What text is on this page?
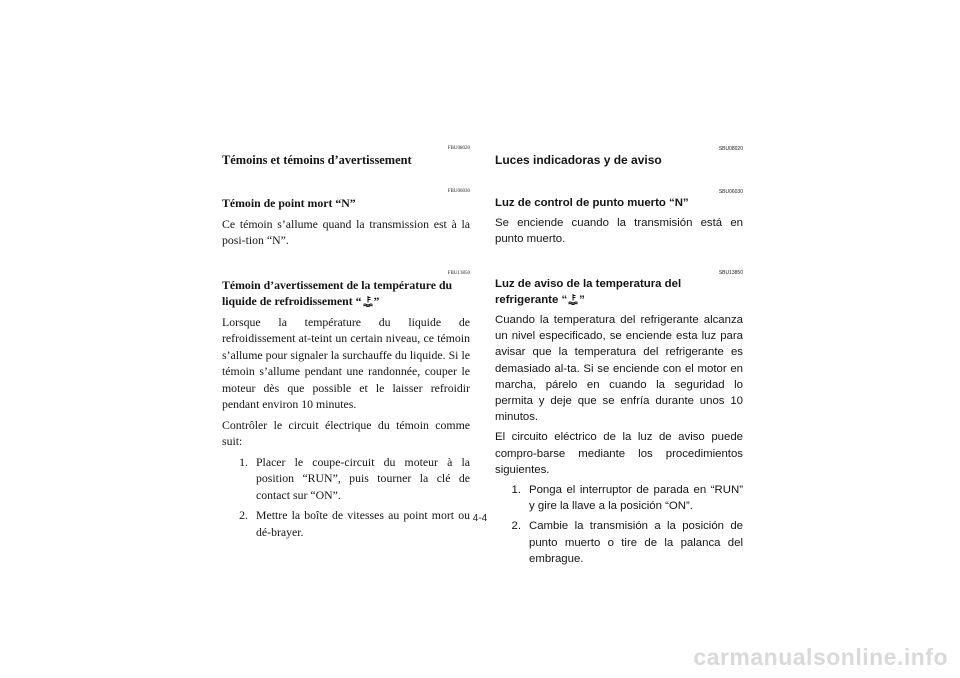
FBU08020
Témoins et témoins d’avertissement
FBU06030
Témoin de point mort “N”

Ce témoin s’allume quand la transmission est à la posi-tion “N”.

FBU13850
Témoin d’avertissement de la température du liquide de refroidissement “ ”

Lorsque la température du liquide de refroidissement at-teint un certain niveau, ce témoin s’allume pour signaler la surchauffe du liquide. Si le témoin s’allume pendant une randonnée, couper le moteur dès que possible et le laisser refroidir pendant environ 10 minutes.

Contrôler le circuit électrique du témoin comme suit:

1. Placer le coupe-circuit du moteur à la position “RUN”, puis tourner la clé de contact sur “ON”.
2. Mettre la boîte de vitesses au point mort ou dé-brayer.
SBU08020
Luces indicadoras y de aviso
SBU06030
Luz de control de punto muerto “N”

Se enciende cuando la transmisión está en punto muerto.

SBU13850
Luz de aviso de la temperatura del refrigerante “ ”

Cuando la temperatura del refrigerante alcanza un nivel especificado, se enciende esta luz para avisar que la temperatura del refrigerante es demasiado al-ta. Si se enciende con el motor en marcha, párelo en cuando la seguridad lo permita y deje que se enfría durante unos 10 minutos.

El circuito eléctrico de la luz de aviso puede compro-barse mediante los procedimientos siguientes.

1. Ponga el interruptor de parada en “RUN” y gire la llave a la posición “ON”.
2. Cambie la transmisión a la posición de punto muerto o tire de la palanca del embrague.
4-4
carmanualsonline.info
